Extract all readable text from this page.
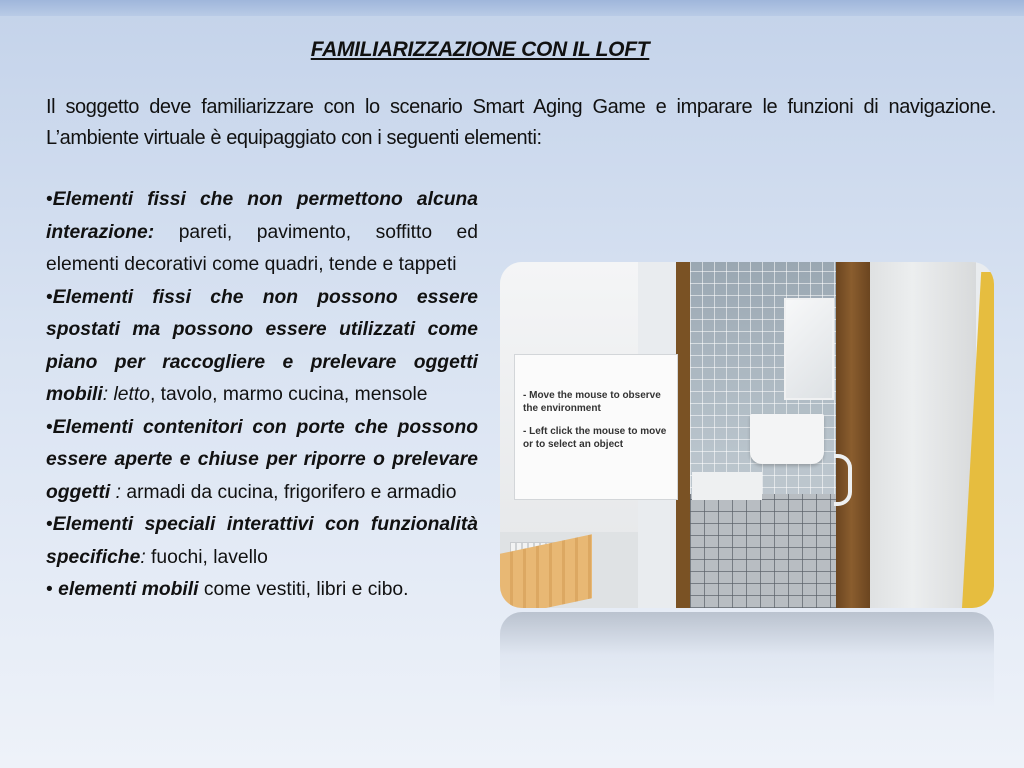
FAMILIARIZZAZIONE CON IL LOFT
Il soggetto deve familiarizzare con lo scenario Smart Aging Game e imparare le funzioni di navigazione. L’ambiente virtuale è equipaggiato con i seguenti elementi:

•Elementi fissi che non permettono alcuna interazione: pareti, pavimento, soffitto ed elementi decorativi come quadri, tende e tappeti

•Elementi fissi che non possono essere spostati ma possono essere utilizzati come piano per raccogliere e prelevare oggetti mobili: letto, tavolo, marmo cucina, mensole

•Elementi contenitori con porte che possono essere aperte e chiuse per riporre o prelevare oggetti : armadi da cucina, frigorifero e armadio

•Elementi speciali interattivi con funzionalità specifiche: fuochi, lavello

• elementi mobili come vestiti, libri e cibo.

- Move the mouse to observe the environment

- Left click the mouse to move or to select an object
